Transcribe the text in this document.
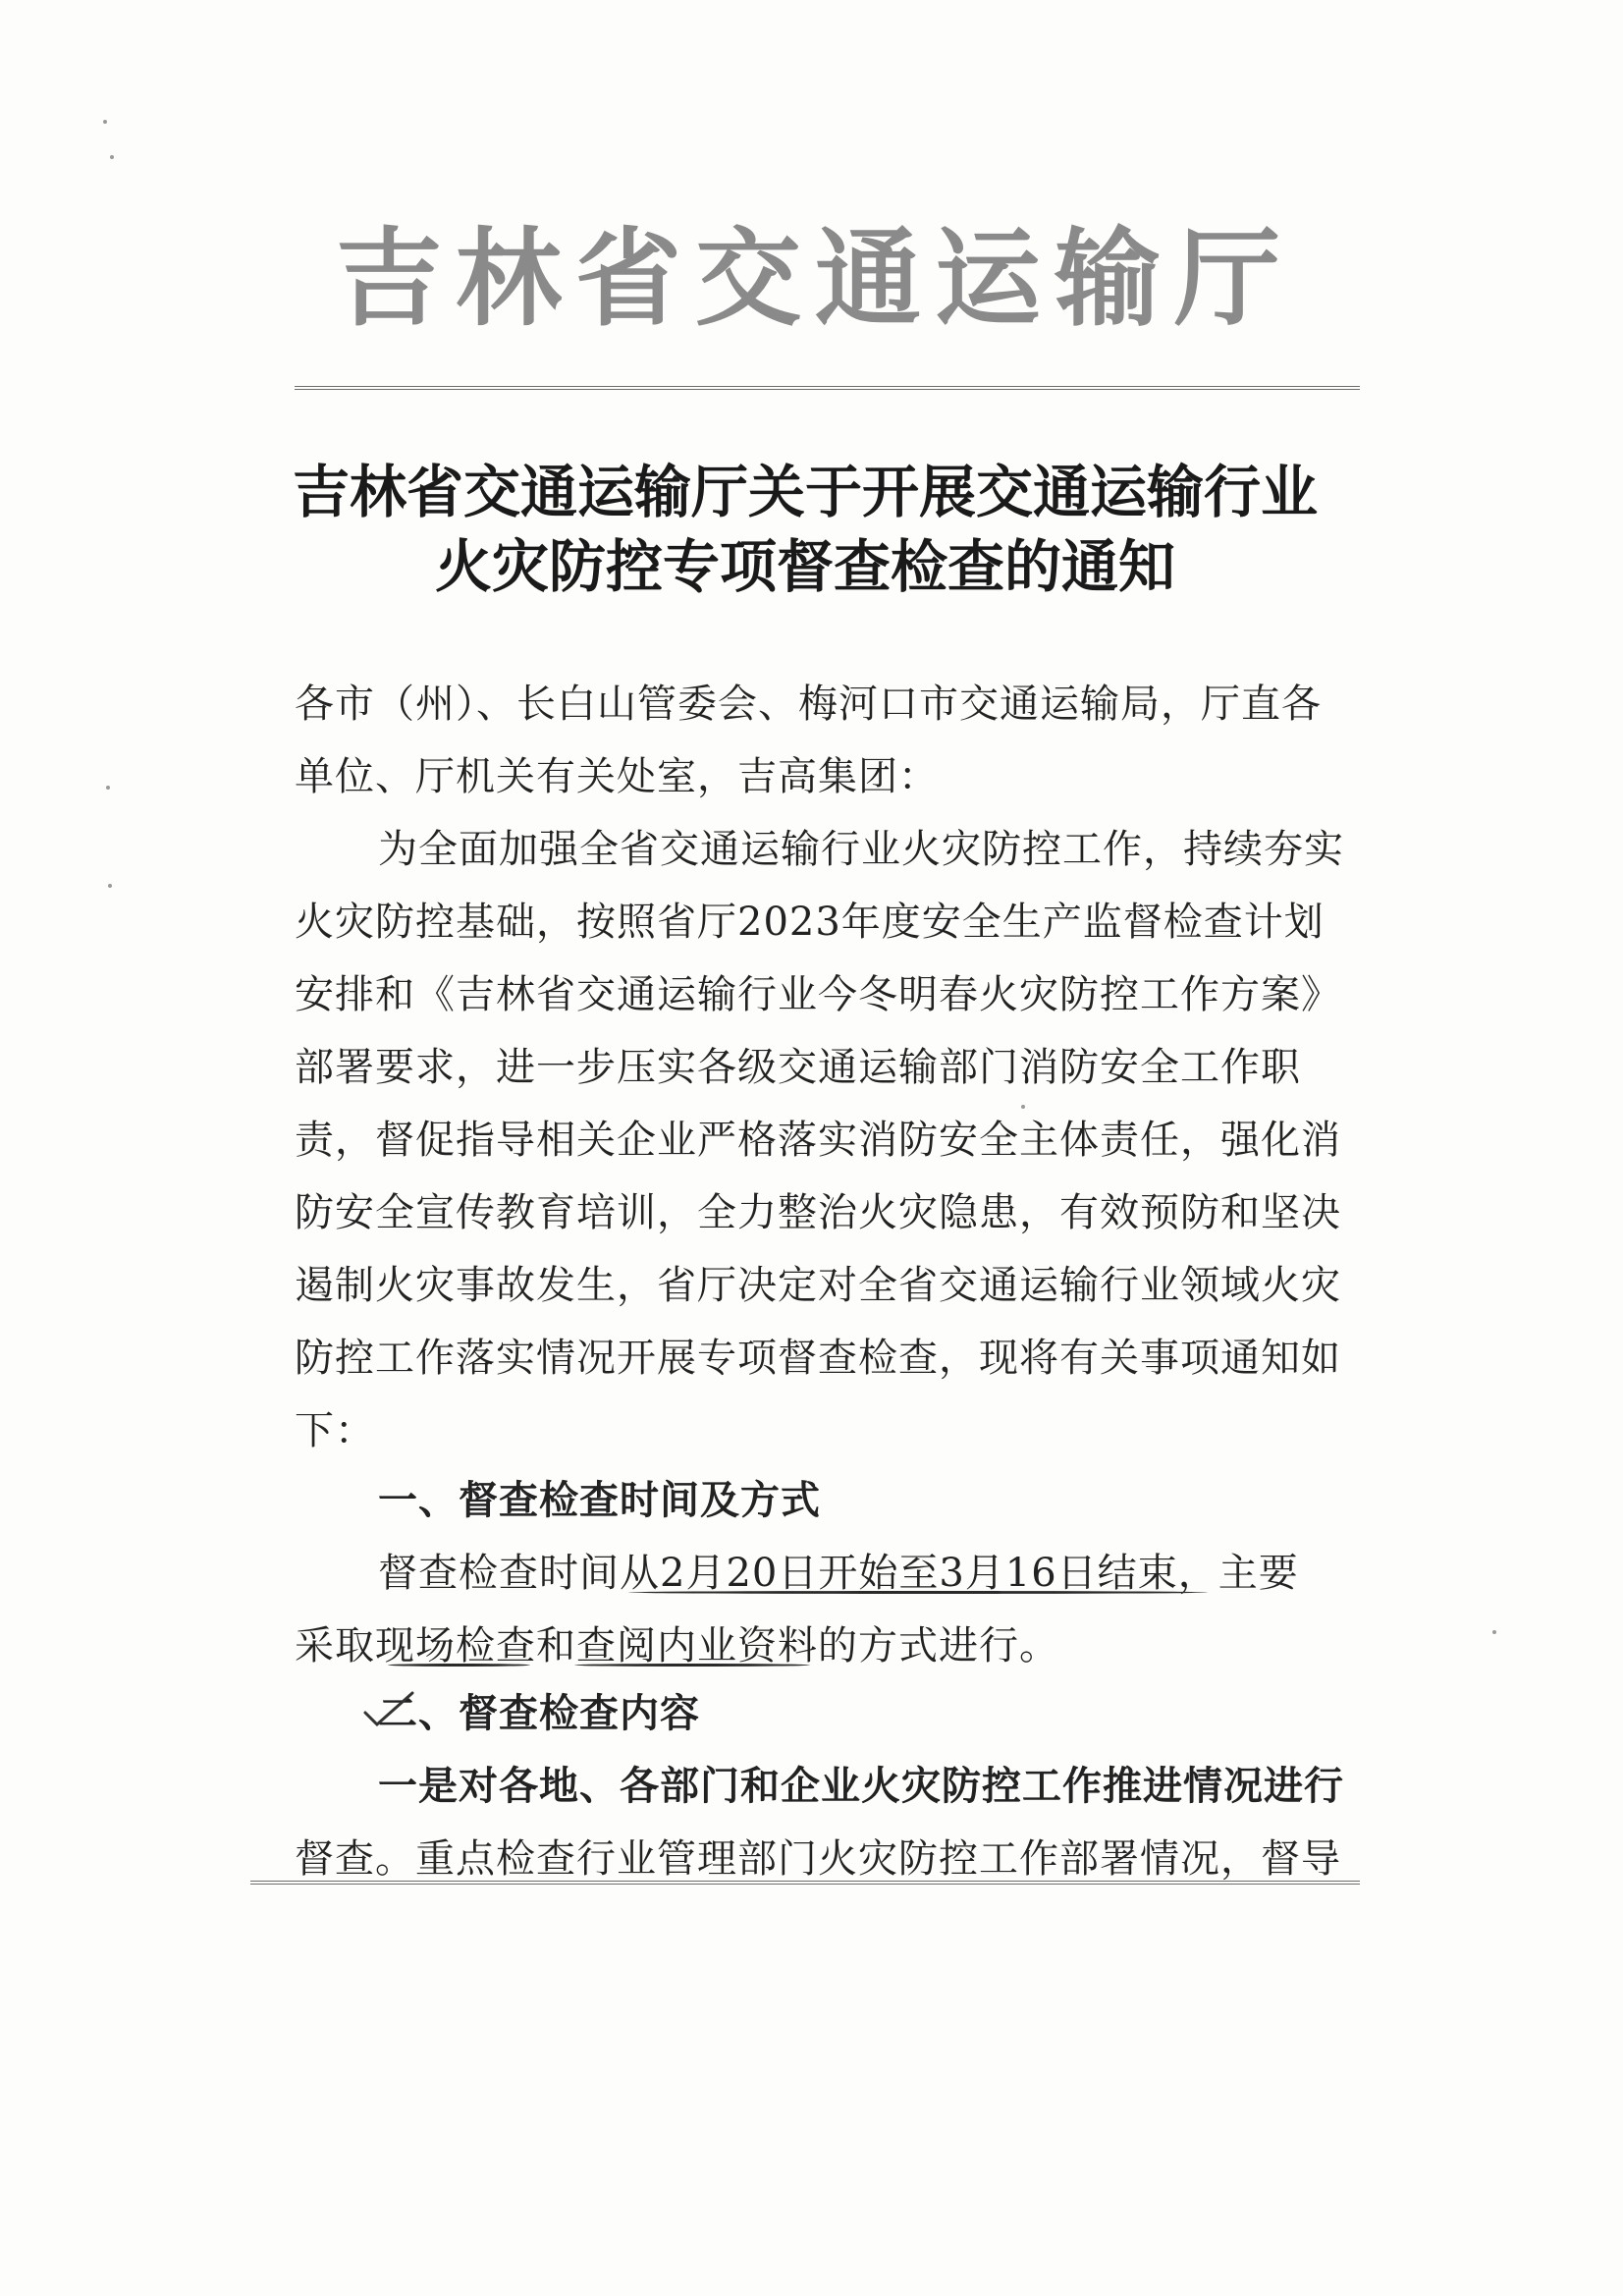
吉林省交通运输厅
吉林省交通运输厅关于开展交通运输行业
火灾防控专项督查检查的通知
各市（州）、长白山管委会、梅河口市交通运输局，厅直各
单位、厅机关有关处室，吉高集团：
为全面加强全省交通运输行业火灾防控工作，持续夯实
火灾防控基础，按照省厅2023年度安全生产监督检查计划
安排和《吉林省交通运输行业今冬明春火灾防控工作方案》
部署要求，进一步压实各级交通运输部门消防安全工作职
责，督促指导相关企业严格落实消防安全主体责任，强化消
防安全宣传教育培训，全力整治火灾隐患，有效预防和坚决
遏制火灾事故发生，省厅决定对全省交通运输行业领域火灾
防控工作落实情况开展专项督查检查，现将有关事项通知如
下：
一、督查检查时间及方式
督查检查时间从2月20日开始至3月16日结束，主要
采取现场检查和查阅内业资料的方式进行。
二、督查检查内容
一是对各地、各部门和企业火灾防控工作推进情况进行
督查。重点检查行业管理部门火灾防控工作部署情况，督导
